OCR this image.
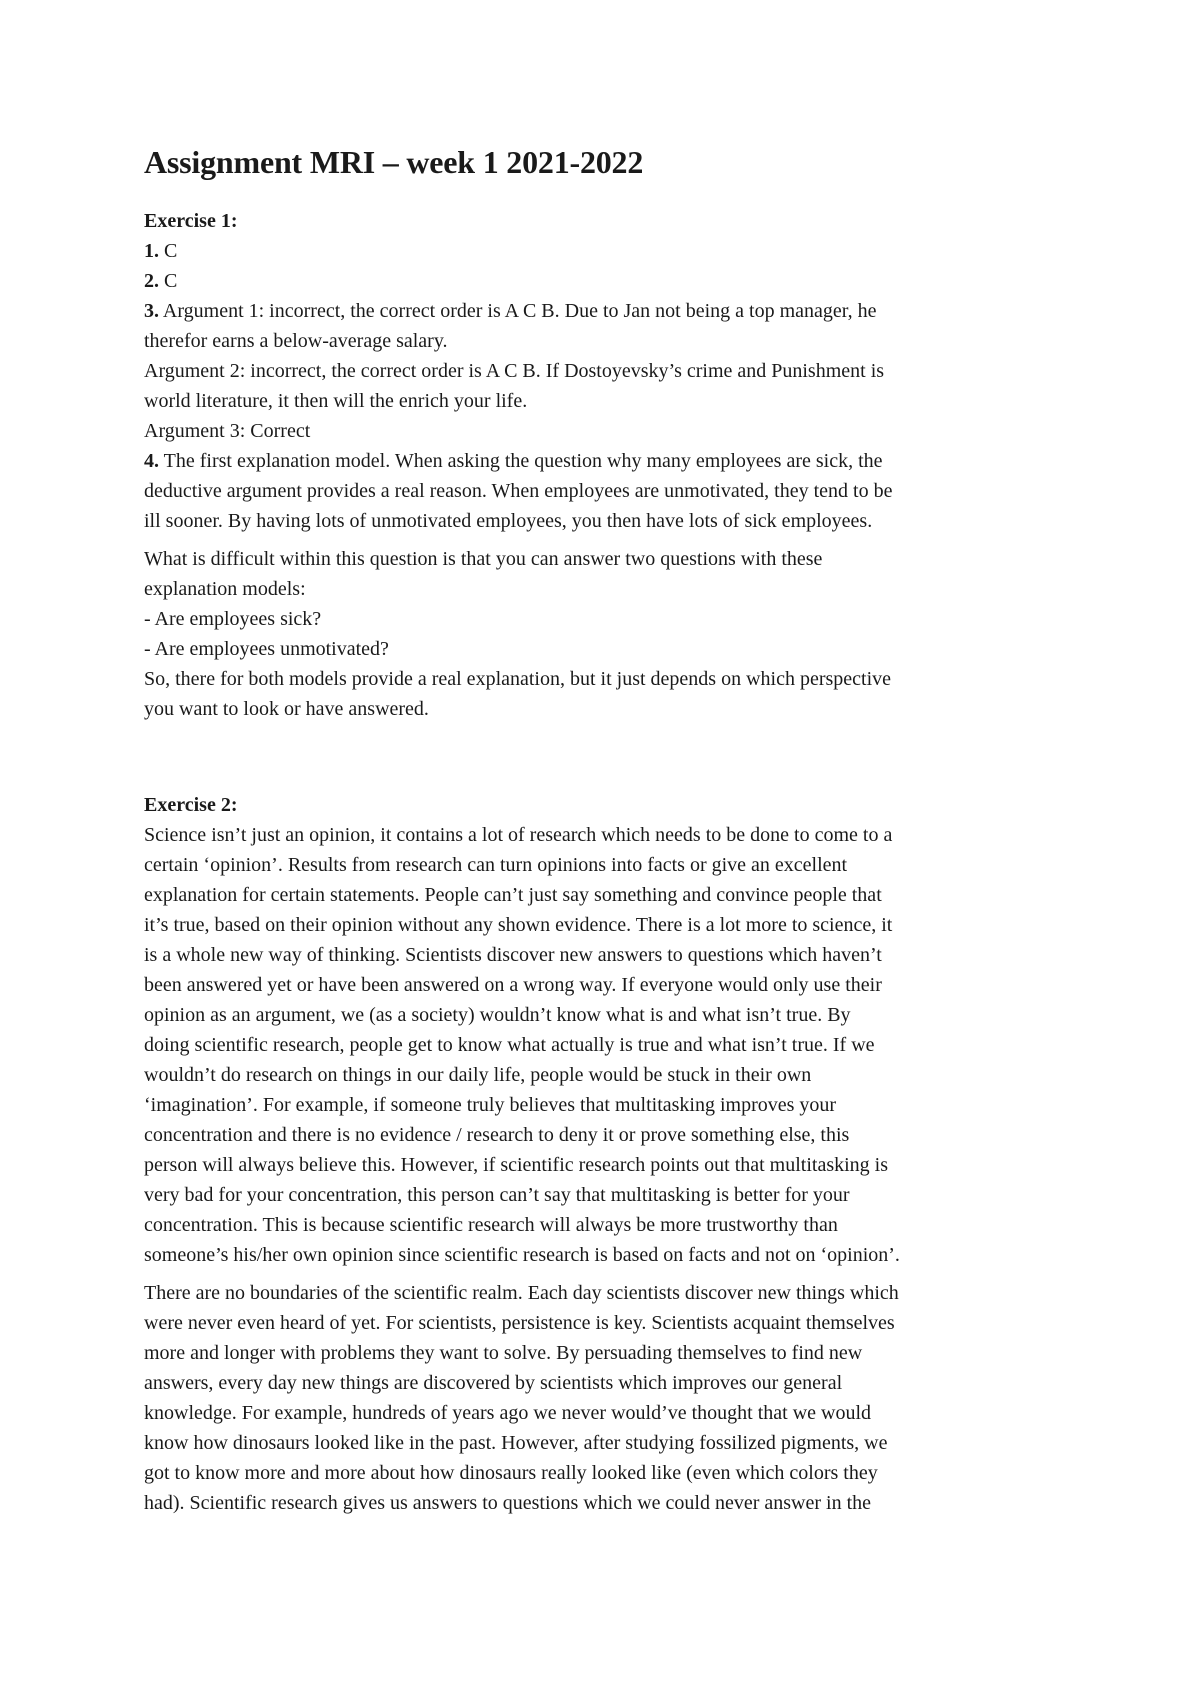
Assignment MRI – week 1 2021-2022
Exercise 1:
1. C
2. C
3. Argument 1: incorrect, the correct order is A C B. Due to Jan not being a top manager, he
therefor earns a below-average salary.
Argument 2: incorrect, the correct order is A C B. If Dostoyevsky’s crime and Punishment is
world literature, it then will the enrich your life.
Argument 3: Correct
4. The first explanation model. When asking the question why many employees are sick, the
deductive argument provides a real reason. When employees are unmotivated, they tend to be
ill sooner. By having lots of unmotivated employees, you then have lots of sick employees.
What is difficult within this question is that you can answer two questions with these
explanation models:
- Are employees sick?
- Are employees unmotivated?
So, there for both models provide a real explanation, but it just depends on which perspective
you want to look or have answered.
Exercise 2:
Science isn’t just an opinion, it contains a lot of research which needs to be done to come to a
certain ‘opinion’. Results from research can turn opinions into facts or give an excellent
explanation for certain statements. People can’t just say something and convince people that
it’s true, based on their opinion without any shown evidence. There is a lot more to science, it
is a whole new way of thinking. Scientists discover new answers to questions which haven’t
been answered yet or have been answered on a wrong way. If everyone would only use their
opinion as an argument, we (as a society) wouldn’t know what is and what isn’t true. By
doing scientific research, people get to know what actually is true and what isn’t true. If we
wouldn’t do research on things in our daily life, people would be stuck in their own
‘imagination’. For example, if someone truly believes that multitasking improves your
concentration and there is no evidence / research to deny it or prove something else, this
person will always believe this. However, if scientific research points out that multitasking is
very bad for your concentration, this person can’t say that multitasking is better for your
concentration. This is because scientific research will always be more trustworthy than
someone’s his/her own opinion since scientific research is based on facts and not on ‘opinion’.
There are no boundaries of the scientific realm. Each day scientists discover new things which
were never even heard of yet. For scientists, persistence is key. Scientists acquaint themselves
more and longer with problems they want to solve. By persuading themselves to find new
answers, every day new things are discovered by scientists which improves our general
knowledge. For example, hundreds of years ago we never would’ve thought that we would
know how dinosaurs looked like in the past. However, after studying fossilized pigments, we
got to know more and more about how dinosaurs really looked like (even which colors they
had). Scientific research gives us answers to questions which we could never answer in the
